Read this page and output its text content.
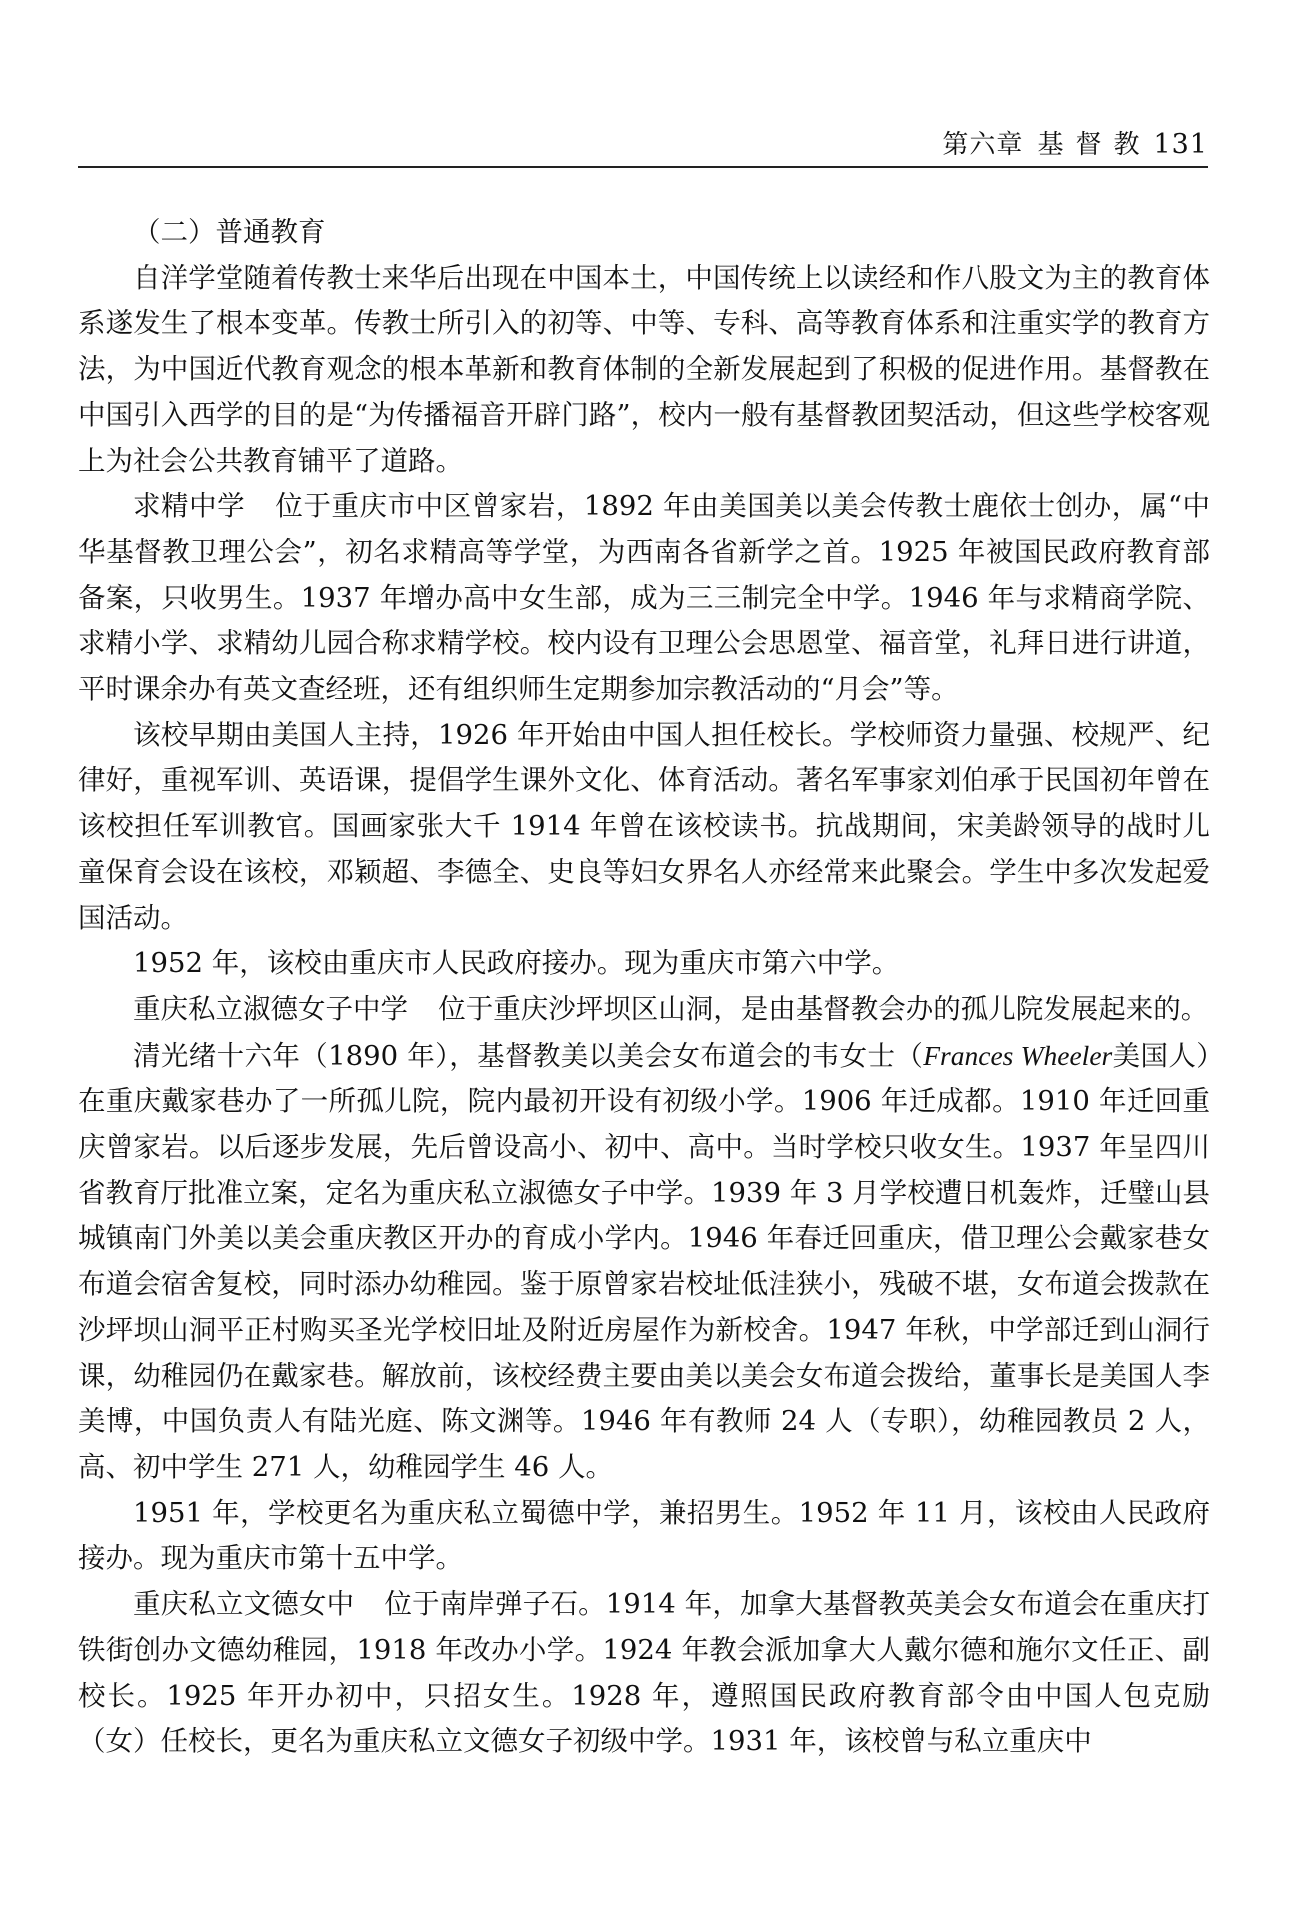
第六章 基督教131

（二）普通教育

自洋学堂随着传教士来华后出现在中国本土，中国传统上以读经和作八股文为主的教育体系遂发生了根本变革。传教士所引入的初等、中等、专科、高等教育体系和注重实学的教育方法，为中国近代教育观念的根本革新和教育体制的全新发展起到了积极的促进作用。基督教在中国引入西学的目的是“为传播福音开辟门路”，校内一般有基督教团契活动，但这些学校客观上为社会公共教育铺平了道路。

求精中学 位于重庆市中区曾家岩，1892 年由美国美以美会传教士鹿依士创办，属“中华基督教卫理公会”，初名求精高等学堂，为西南各省新学之首。1925 年被国民政府教育部备案，只收男生。1937 年增办高中女生部，成为三三制完全中学。1946 年与求精商学院、求精小学、求精幼儿园合称求精学校。校内设有卫理公会思恩堂、福音堂，礼拜日进行讲道，平时课余办有英文查经班，还有组织师生定期参加宗教活动的“月会”等。

该校早期由美国人主持，1926 年开始由中国人担任校长。学校师资力量强、校规严、纪律好，重视军训、英语课，提倡学生课外文化、体育活动。著名军事家刘伯承于民国初年曾在该校担任军训教官。国画家张大千 1914 年曾在该校读书。抗战期间，宋美龄领导的战时儿童保育会设在该校，邓颖超、李德全、史良等妇女界名人亦经常来此聚会。学生中多次发起爱国活动。

1952 年，该校由重庆市人民政府接办。现为重庆市第六中学。

重庆私立淑德女子中学 位于重庆沙坪坝区山洞，是由基督教会办的孤儿院发展起来的。

清光绪十六年（1890 年），基督教美以美会女布道会的韦女士（Frances Wheeler美国人）在重庆戴家巷办了一所孤儿院，院内最初开设有初级小学。1906 年迁成都。1910 年迁回重庆曾家岩。以后逐步发展，先后曾设高小、初中、高中。当时学校只收女生。1937 年呈四川省教育厅批准立案，定名为重庆私立淑德女子中学。1939 年 3 月学校遭日机轰炸，迁璧山县城镇南门外美以美会重庆教区开办的育成小学内。1946 年春迁回重庆，借卫理公会戴家巷女布道会宿舍复校，同时添办幼稚园。鉴于原曾家岩校址低洼狭小，残破不堪，女布道会拨款在沙坪坝山洞平正村购买圣光学校旧址及附近房屋作为新校舍。1947 年秋，中学部迁到山洞行课，幼稚园仍在戴家巷。解放前，该校经费主要由美以美会女布道会拨给，董事长是美国人李美博，中国负责人有陆光庭、陈文渊等。1946 年有教师 24 人（专职），幼稚园教员 2 人，高、初中学生 271 人，幼稚园学生 46 人。

1951 年，学校更名为重庆私立蜀德中学，兼招男生。1952 年 11 月，该校由人民政府接办。现为重庆市第十五中学。

重庆私立文德女中 位于南岸弹子石。1914 年，加拿大基督教英美会女布道会在重庆打铁街创办文德幼稚园，1918 年改办小学。1924 年教会派加拿大人戴尔德和施尔文任正、副校长。1925 年开办初中，只招女生。1928 年，遵照国民政府教育部令由中国人包克励（女）任校长，更名为重庆私立文德女子初级中学。1931 年，该校曾与私立重庆中
